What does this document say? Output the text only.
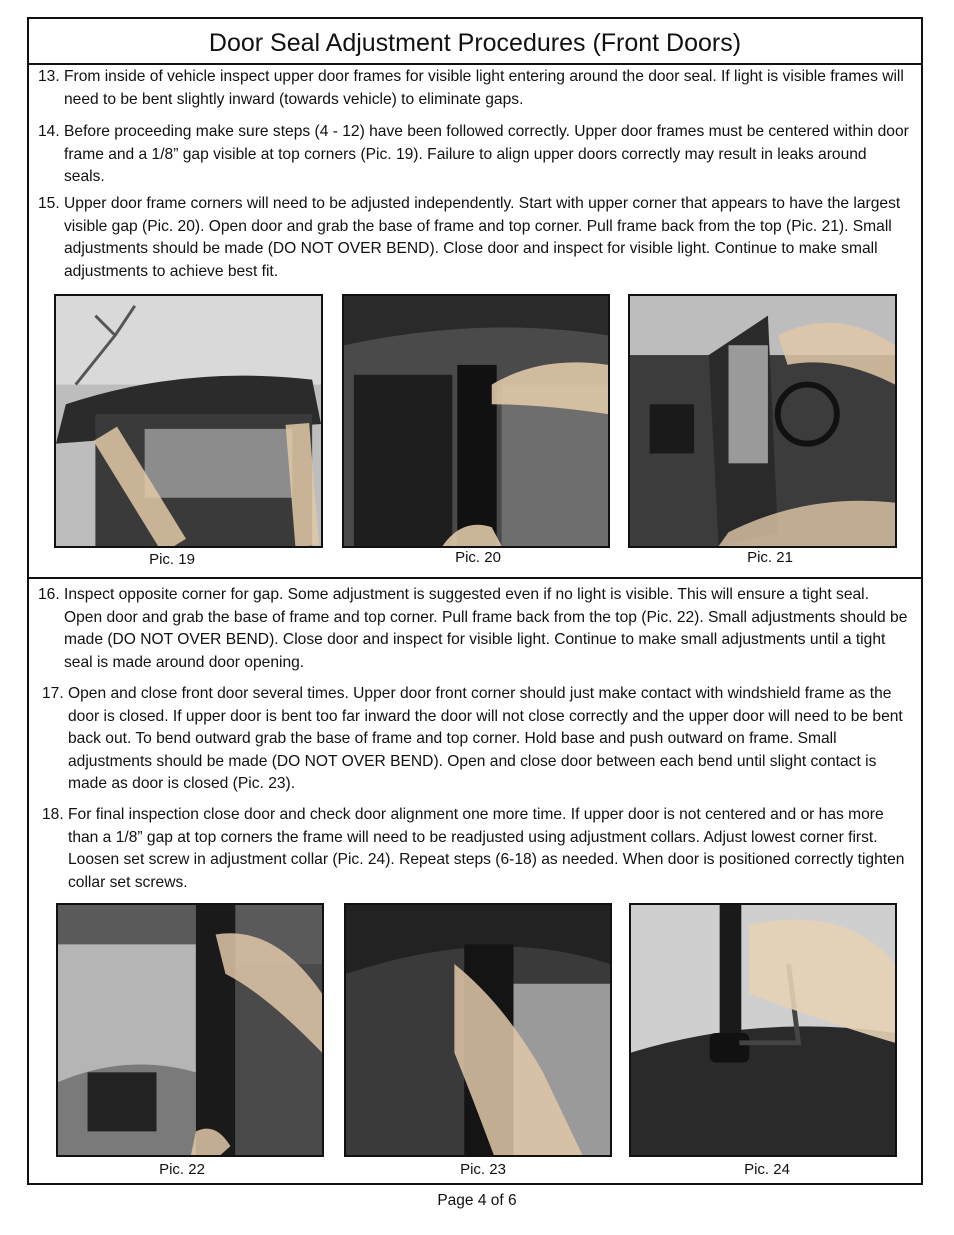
Door Seal Adjustment Procedures (Front Doors)
13. From inside of vehicle inspect upper door frames for visible light entering around the door seal. If light is visible frames will need to be bent slightly inward (towards vehicle) to eliminate gaps.
14. Before proceeding make sure steps (4 - 12) have been followed correctly. Upper door frames must be centered within door frame and a 1/8” gap visible at top corners (Pic. 19). Failure to align upper doors correctly may result in leaks around seals.
15. Upper door frame corners will need to be adjusted independently. Start with upper corner that appears to have the largest visible gap (Pic. 20). Open door and grab the base of frame and top corner. Pull frame back from the top (Pic. 21). Small adjustments should be made (DO NOT OVER BEND). Close door and inspect for visible light. Continue to make small adjustments to achieve best fit.
16. Inspect opposite corner for gap. Some adjustment is suggested even if no light is visible. This will ensure a tight seal. Open door and grab the base of frame and top corner. Pull frame back from the top (Pic. 22). Small adjustments should be made (DO NOT OVER BEND). Close door and inspect for visible light. Continue to make small adjustments until a tight seal is made around door opening.
17. Open and close front door several times. Upper door front corner should just make contact with windshield frame as the door is closed. If upper door is bent too far inward the door will not close correctly and the upper door will need to be bent back out. To bend outward grab the base of frame and top corner. Hold base and push outward on frame. Small adjustments should be made (DO NOT OVER BEND). Open and close door between each bend until slight contact is made as door is closed (Pic. 23).
18. For final inspection close door and check door alignment one more time. If upper door is not centered and or has more than a 1/8” gap at top corners the frame will need to be readjusted using adjustment collars. Adjust lowest corner first. Loosen set screw in adjustment collar (Pic. 24). Repeat steps (6-18) as needed. When door is positioned correctly tighten collar set screws.
Pic. 19	Pic. 20	Pic. 21
Pic. 22	Pic. 23	Pic. 24
Page 4 of 6
